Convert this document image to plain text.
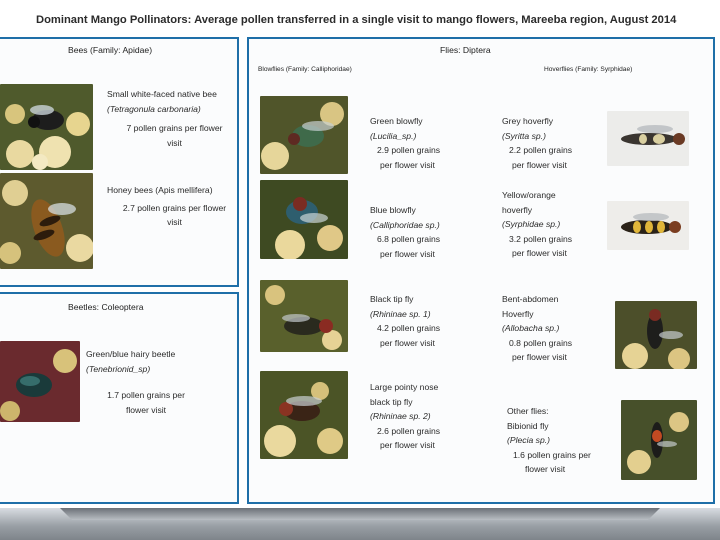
Dominant Mango Pollinators: Average pollen transferred in a single visit to mango flowers, Mareeba region, August 2014
Bees (Family: Apidae)
Small white-faced native bee
(Tetragonula carbonaria)
7 pollen grains per flower
visit
Honey bees (Apis mellifera)
2.7 pollen grains per flower
visit
Beetles: Coleoptera
Green/blue hairy beetle
(Tenebrionid_sp)
1.7 pollen grains per
flower visit
Flies: Diptera
Blowflies (Family: Calliphoridae)	Hoverflies (Family: Syrphidae)
Green blowfly
(Lucilia_sp.)
2.9 pollen grains
per flower visit
Blue blowfly
(Calliphoridae sp.)
6.8 pollen grains
per flower visit
Black tip fly
(Rhininae sp. 1)
4.2 pollen grains
per flower visit
Large pointy nose
black tip fly
(Rhininae sp. 2)
2.6 pollen grains
per flower visit
Grey hoverfly
(Syritta sp.)
2.2 pollen grains
per flower visit
Yellow/orange
hoverfly
(Syrphidae sp.)
3.2 pollen grains
per flower visit
Bent-abdomen
Hoverfly
(Allobacha sp.)
0.8 pollen grains
per flower visit
Other flies:
Bibionid fly
(Plecia sp.)
1.6 pollen grains per
flower visit
